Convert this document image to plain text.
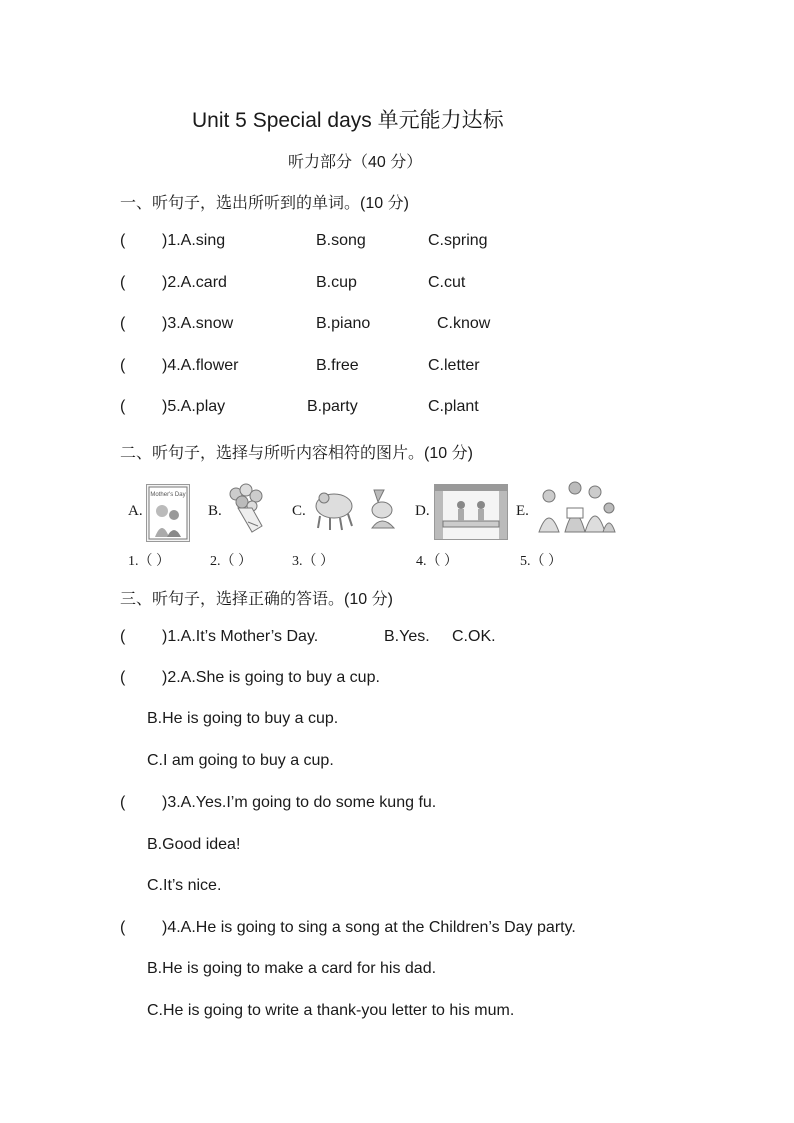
Unit 5 Special days 单元能力达标
听力部分（40 分）
一、听句子，选出所听到的单词。(10 分)
( )1.A.sing	B.song	C.spring
( )2.A.card	B.cup	C.cut
( )3.A.snow	B.piano	C.know
( )4.A.flower	B.free	C.letter
( )5.A.play	B.party	C.plant
二、听句子，选择与所听内容相符的图片。(10 分)
A.
Mother's Day
B.	C.	D.	E.
1.（ ）	2.（ ）	3.（ ）	4.（ ）	5.（ ）
三、听句子，选择正确的答语。(10 分)
( )1.A.It’s Mother’s Day.	B.Yes. C.OK.
( )2.A.She is going to buy a cup.
B.He is going to buy a cup.
C.I am going to buy a cup.
( )3.A.Yes.I’m going to do some kung fu.
B.Good idea!
C.It’s nice.
( )4.A.He is going to sing a song at the Children’s Day party.
B.He is going to make a card for his dad.
C.He is going to write a thank-you letter to his mum.
